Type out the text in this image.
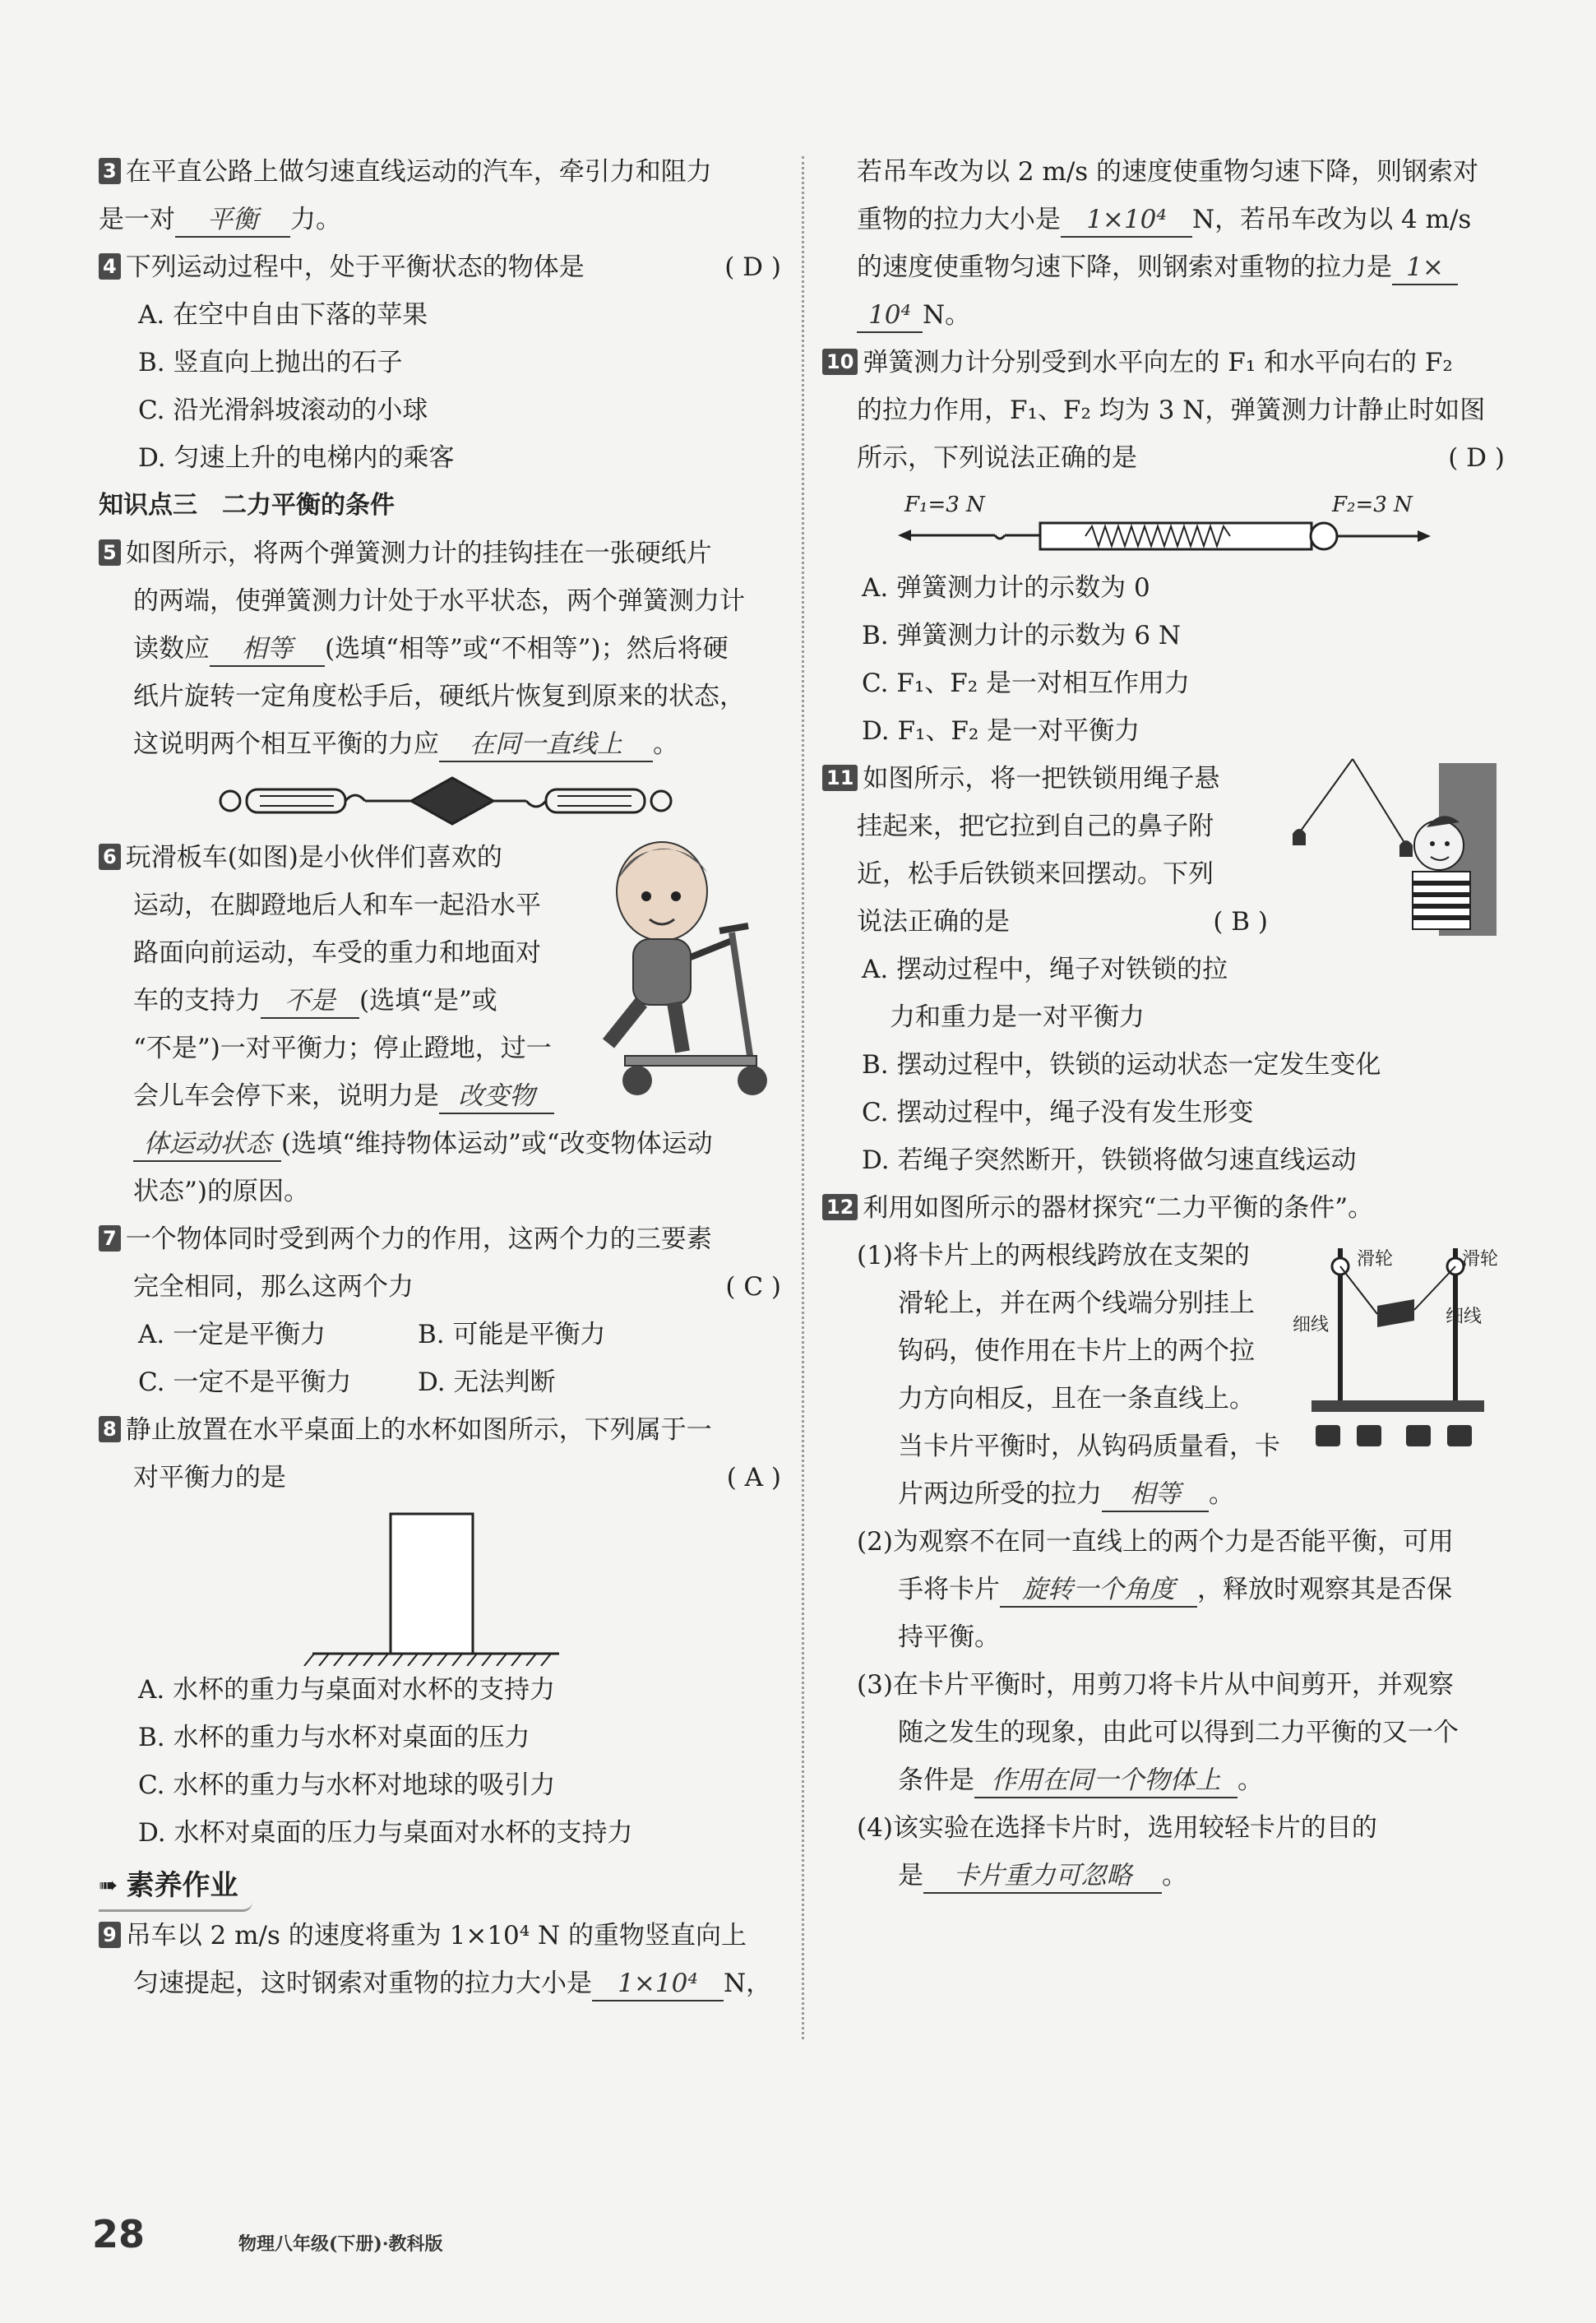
3 在平直公路上做匀速直线运动的汽车，牵引力和阻力
是一对 平衡 力。
4 下列运动过程中，处于平衡状态的物体是	( D )
A. 在空中自由下落的苹果
B. 竖直向上抛出的石子
C. 沿光滑斜坡滚动的小球
D. 匀速上升的电梯内的乘客
知识点三　二力平衡的条件
5 如图所示，将两个弹簧测力计的挂钩挂在一张硬纸片
的两端，使弹簧测力计处于水平状态，两个弹簧测力计
读数应 相等 (选填“相等”或“不相等”)；然后将硬
纸片旋转一定角度松手后，硬纸片恢复到原来的状态，
这说明两个相互平衡的力应 在同一直线上 。
6 玩滑板车(如图)是小伙伴们喜欢的
运动，在脚蹬地后人和车一起沿水平
路面向前运动，车受的重力和地面对
车的支持力 不是 (选填“是”或
“不是”)一对平衡力；停止蹬地，过一
会儿车会停下来，说明力是 改变物
体运动状态 (选填“维持物体运动”或“改变物体运动
状态”)的原因。
7 一个物体同时受到两个力的作用，这两个力的三要素
完全相同，那么这两个力	( C )
A. 一定是平衡力	B. 可能是平衡力
C. 一定不是平衡力	D. 无法判断
8 静止放置在水平桌面上的水杯如图所示，下列属于一
对平衡力的是	( A )
A. 水杯的重力与桌面对水杯的支持力
B. 水杯的重力与水杯对桌面的压力
C. 水杯的重力与水杯对地球的吸引力
D. 水杯对桌面的压力与桌面对水杯的支持力
➠ 素养作业
9 吊车以 2 m/s 的速度将重为 1×10⁴ N 的重物竖直向上
匀速提起，这时钢索对重物的拉力大小是 1×10⁴ N，
若吊车改为以 2 m/s 的速度使重物匀速下降，则钢索对
重物的拉力大小是 1×10⁴ N，若吊车改为以 4 m/s
的速度使重物匀速下降，则钢索对重物的拉力是 1×
10⁴ N。
10 弹簧测力计分别受到水平向左的 F₁ 和水平向右的 F₂
的拉力作用，F₁、F₂ 均为 3 N，弹簧测力计静止时如图
所示，下列说法正确的是	( D )
F₁=3 N	F₂=3 N
A. 弹簧测力计的示数为 0
B. 弹簧测力计的示数为 6 N
C. F₁、F₂ 是一对相互作用力
D. F₁、F₂ 是一对平衡力
11 如图所示，将一把铁锁用绳子悬
挂起来，把它拉到自己的鼻子附
近，松手后铁锁来回摆动。下列
说法正确的是	( B )
A. 摆动过程中，绳子对铁锁的拉
力和重力是一对平衡力
B. 摆动过程中，铁锁的运动状态一定发生变化
C. 摆动过程中，绳子没有发生形变
D. 若绳子突然断开，铁锁将做匀速直线运动
12 利用如图所示的器材探究“二力平衡的条件”。
滑轮	滑轮
细线	细线
(1)将卡片上的两根线跨放在支架的
滑轮上，并在两个线端分别挂上
钩码，使作用在卡片上的两个拉
力方向相反，且在一条直线上。
当卡片平衡时，从钩码质量看，卡
片两边所受的拉力 相等 。
(2)为观察不在同一直线上的两个力是否能平衡，可用
手将卡片 旋转一个角度 ，释放时观察其是否保
持平衡。
(3)在卡片平衡时，用剪刀将卡片从中间剪开，并观察
随之发生的现象，由此可以得到二力平衡的又一个
条件是 作用在同一个物体上 。
(4)该实验在选择卡片时，选用较轻卡片的目的
是 卡片重力可忽略 。
28	物理八年级(下册)·教科版
